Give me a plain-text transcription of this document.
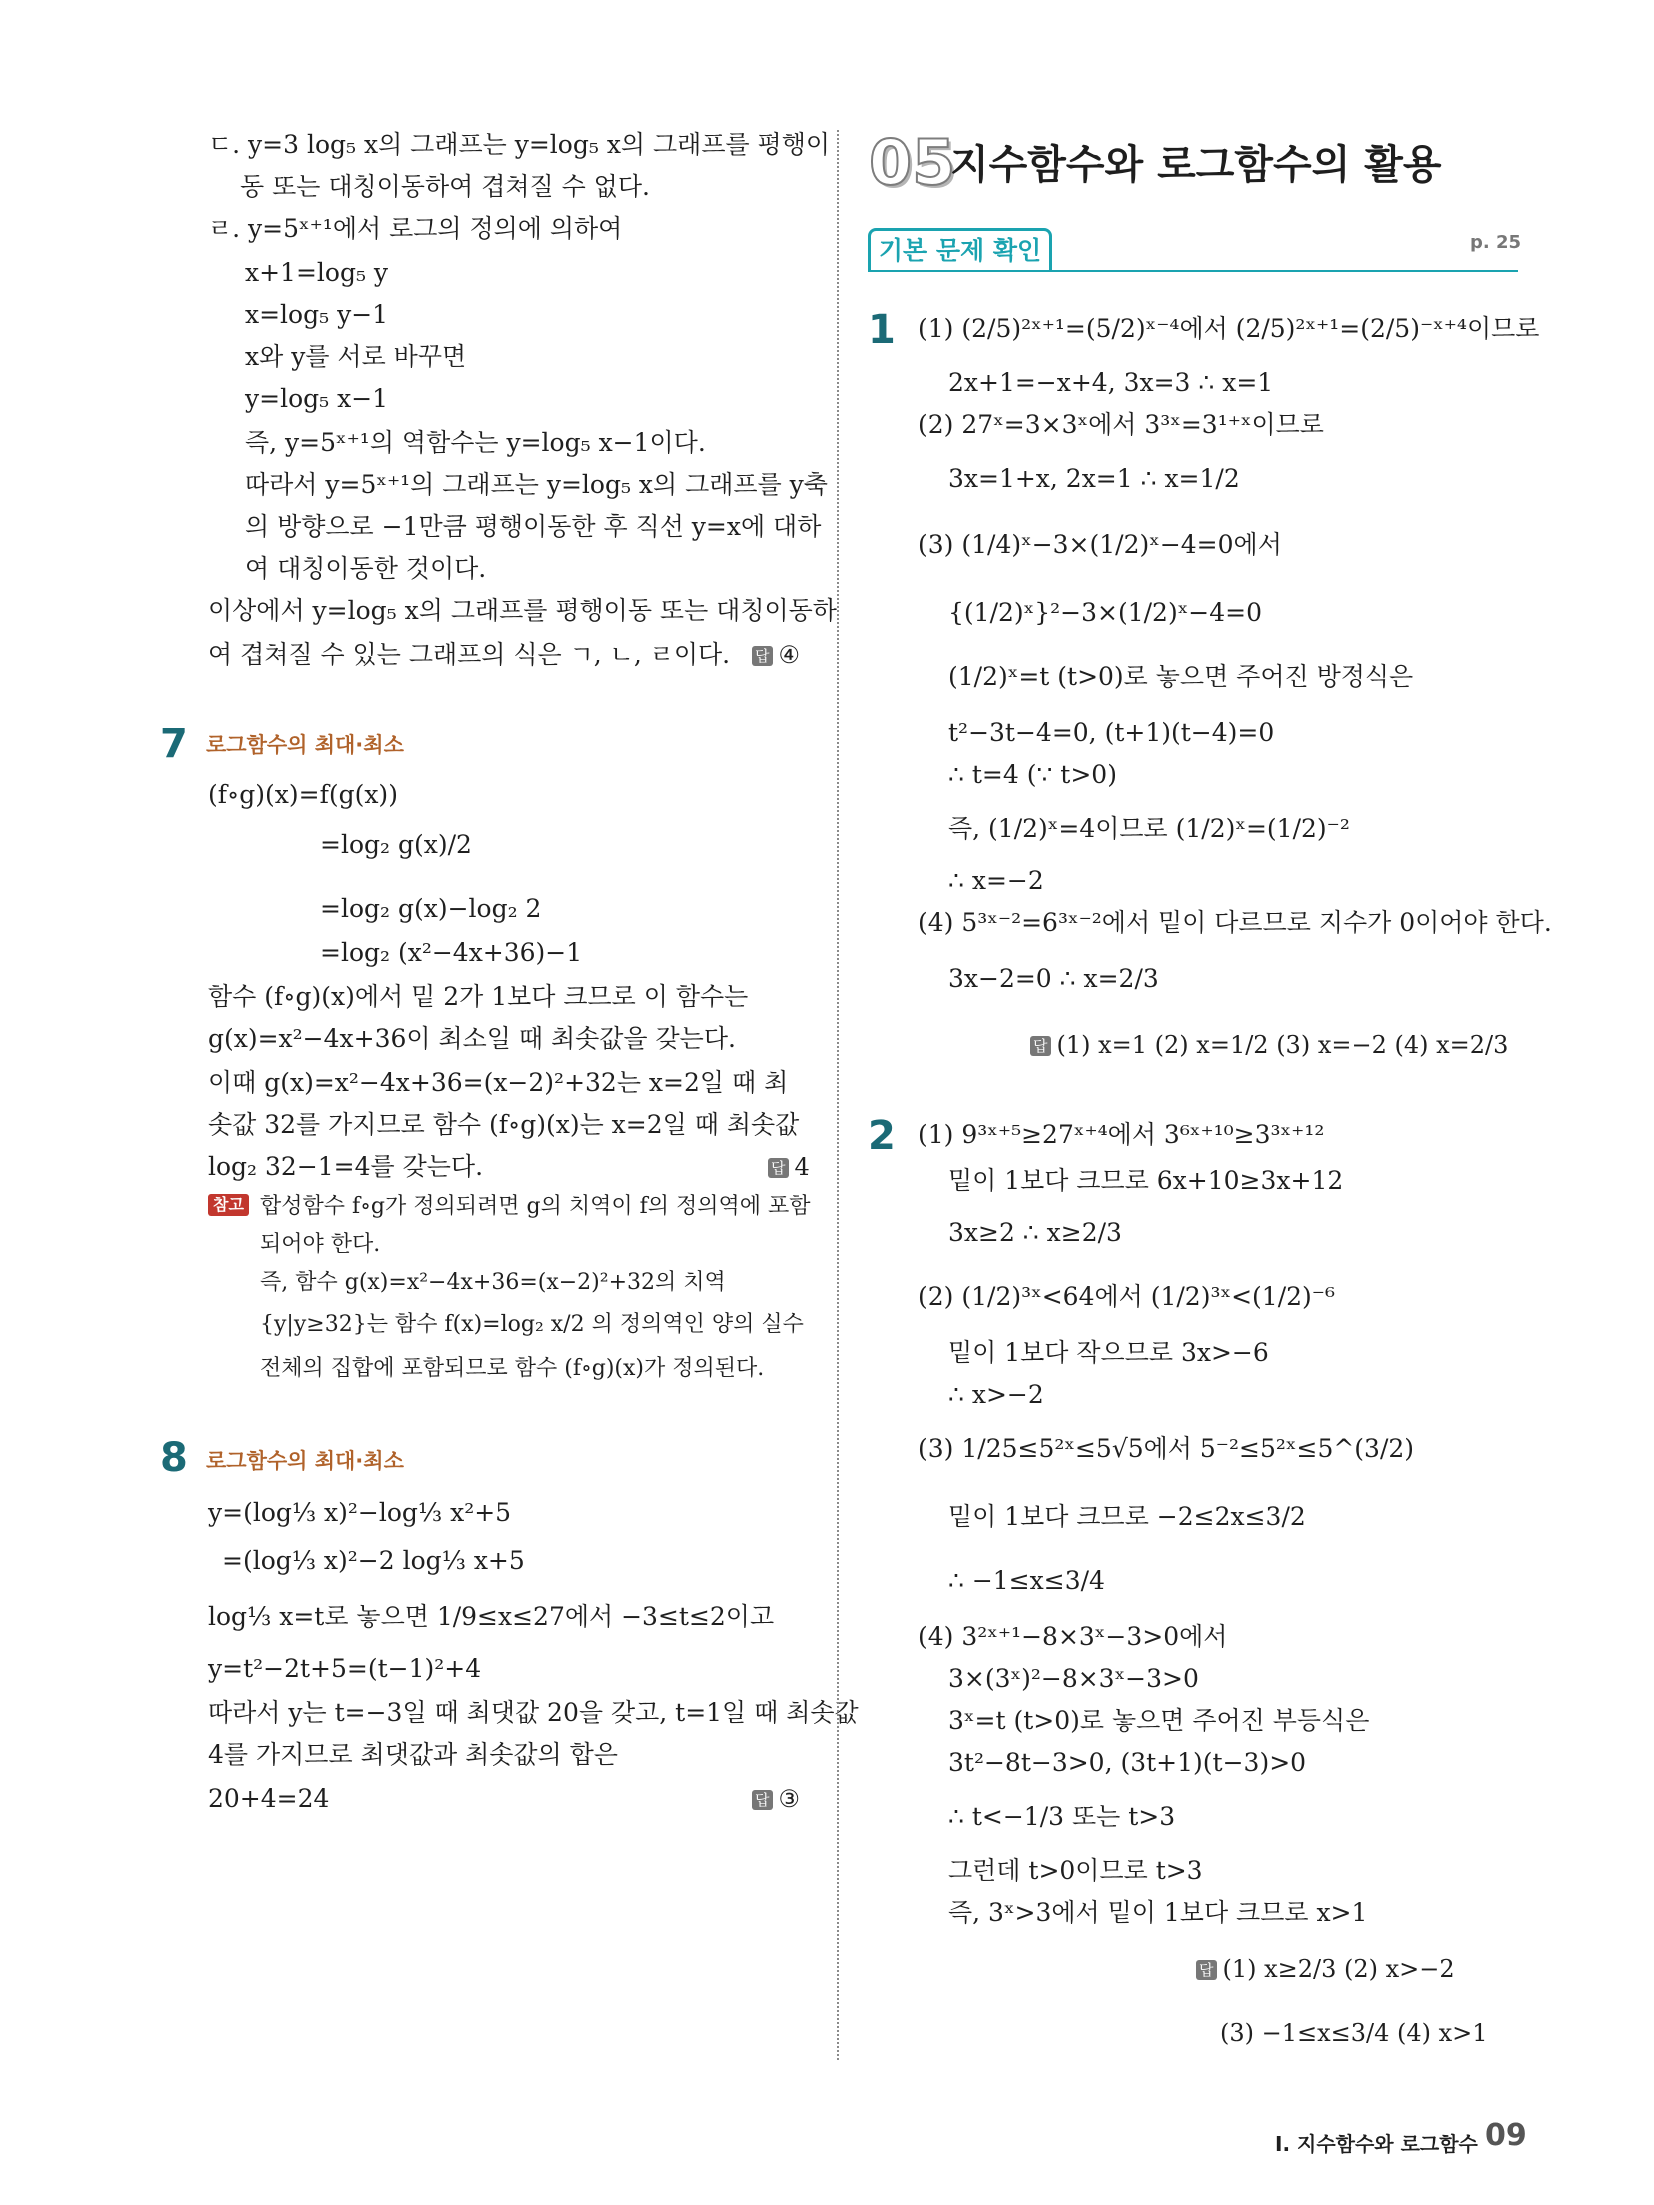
ㄷ. y=3 log₅ x의 그래프는 y=log₅ x의 그래프를 평행이
동 또는 대칭이동하여 겹쳐질 수 없다.
ㄹ. y=5ˣ⁺¹에서 로그의 정의에 의하여
x+1=log₅ y
x=log₅ y−1
x와 y를 서로 바꾸면
y=log₅ x−1
즉, y=5ˣ⁺¹의 역함수는 y=log₅ x−1이다.
따라서 y=5ˣ⁺¹의 그래프는 y=log₅ x의 그래프를 y축
의 방향으로 −1만큼 평행이동한 후 직선 y=x에 대하
여 대칭이동한 것이다.
이상에서 y=log₅ x의 그래프를 평행이동 또는 대칭이동하
여 겹쳐질 수 있는 그래프의 식은 ㄱ, ㄴ, ㄹ이다. 답 ④
7 로그함수의 최대·최소
(f∘g)(x)=f(g(x))
=log₂ g(x)/2
=log₂ g(x)−log₂ 2
=log₂ (x²−4x+36)−1
함수 (f∘g)(x)에서 밑 2가 1보다 크므로 이 함수는
g(x)=x²−4x+36이 최소일 때 최솟값을 갖는다.
이때 g(x)=x²−4x+36=(x−2)²+32는 x=2일 때 최
솟값 32를 가지므로 함수 (f∘g)(x)는 x=2일 때 최솟값
log₂ 32−1=4를 갖는다.	답 4
참고 합성함수 f∘g가 정의되려면 g의 치역이 f의 정의역에 포함
되어야 한다.
즉, 함수 g(x)=x²−4x+36=(x−2)²+32의 치역
{y|y≥32}는 함수 f(x)=log₂ x/2 의 정의역인 양의 실수
전체의 집합에 포함되므로 함수 (f∘g)(x)가 정의된다.
8 로그함수의 최대·최소
y=(log⅓ x)²−log⅓ x²+5
=(log⅓ x)²−2 log⅓ x+5
log⅓ x=t로 놓으면 1/9≤x≤27에서 −3≤t≤2이고
y=t²−2t+5=(t−1)²+4
따라서 y는 t=−3일 때 최댓값 20을 갖고, t=1일 때 최솟값
4를 가지므로 최댓값과 최솟값의 합은
20+4=24	답 ③
05
지수함수와 로그함수의 활용
기본 문제 확인	p. 25
1 (1) (2/5)²ˣ⁺¹=(5/2)ˣ⁻⁴에서 (2/5)²ˣ⁺¹=(2/5)⁻ˣ⁺⁴이므로
2x+1=−x+4, 3x=3 ∴ x=1
(2) 27ˣ=3×3ˣ에서 3³ˣ=3¹⁺ˣ이므로
3x=1+x, 2x=1 ∴ x=1/2
(3) (1/4)ˣ−3×(1/2)ˣ−4=0에서
{(1/2)ˣ}²−3×(1/2)ˣ−4=0
(1/2)ˣ=t (t>0)로 놓으면 주어진 방정식은
t²−3t−4=0, (t+1)(t−4)=0
∴ t=4 (∵ t>0)
즉, (1/2)ˣ=4이므로 (1/2)ˣ=(1/2)⁻²
∴ x=−2
(4) 5³ˣ⁻²=6³ˣ⁻²에서 밑이 다르므로 지수가 0이어야 한다.
3x−2=0 ∴ x=2/3
답 (1) x=1 (2) x=1/2 (3) x=−2 (4) x=2/3
2 (1) 9³ˣ⁺⁵≥27ˣ⁺⁴에서 3⁶ˣ⁺¹⁰≥3³ˣ⁺¹²
밑이 1보다 크므로 6x+10≥3x+12
3x≥2 ∴ x≥2/3
(2) (1/2)³ˣ<64에서 (1/2)³ˣ<(1/2)⁻⁶
밑이 1보다 작으므로 3x>−6
∴ x>−2
(3) 1/25≤5²ˣ≤5√5에서 5⁻²≤5²ˣ≤5^(3/2)
밑이 1보다 크므로 −2≤2x≤3/2
∴ −1≤x≤3/4
(4) 3²ˣ⁺¹−8×3ˣ−3>0에서
3×(3ˣ)²−8×3ˣ−3>0
3ˣ=t (t>0)로 놓으면 주어진 부등식은
3t²−8t−3>0, (3t+1)(t−3)>0
∴ t<−1/3 또는 t>3
그런데 t>0이므로 t>3
즉, 3ˣ>3에서 밑이 1보다 크므로 x>1
답 (1) x≥2/3 (2) x>−2
(3) −1≤x≤3/4 (4) x>1
Ⅰ. 지수함수와 로그함수 09
